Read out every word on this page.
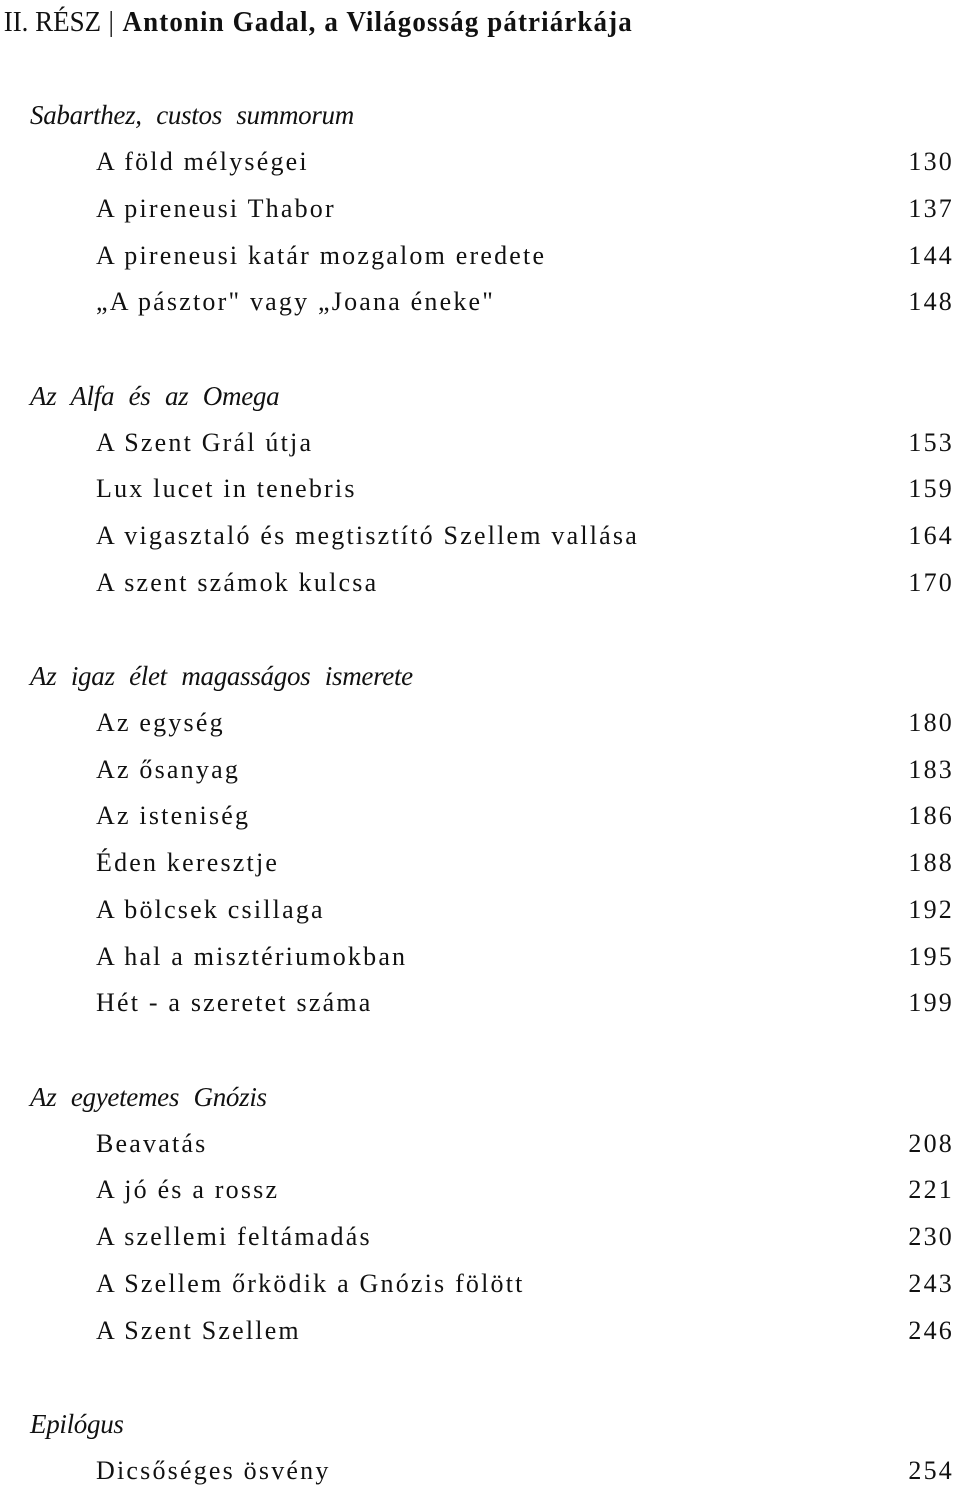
II. RÉSZ | Antonin Gadal, a Világosság pátriárkája
Sabarthez, custos summorum
A föld mélységei	130
A pireneusi Thabor	137
A pireneusi katár mozgalom eredete	144
„A pásztor" vagy „Joana éneke"	148
Az Alfa és az Omega
A Szent Grál útja	153
Lux lucet in tenebris	159
A vigasztaló és megtisztító Szellem vallása	164
A szent számok kulcsa	170
Az igaz élet magasságos ismerete
Az egység	180
Az ősanyag	183
Az isteniség	186
Éden keresztje	188
A bölcsek csillaga	192
A hal a misztériumokban	195
Hét - a szeretet száma	199
Az egyetemes Gnózis
Beavatás	208
A jó és a rossz	221
A szellemi feltámadás	230
A Szellem őrködik a Gnózis fölött	243
A Szent Szellem	246
Epilógus
Dicsőséges ösvény	254
